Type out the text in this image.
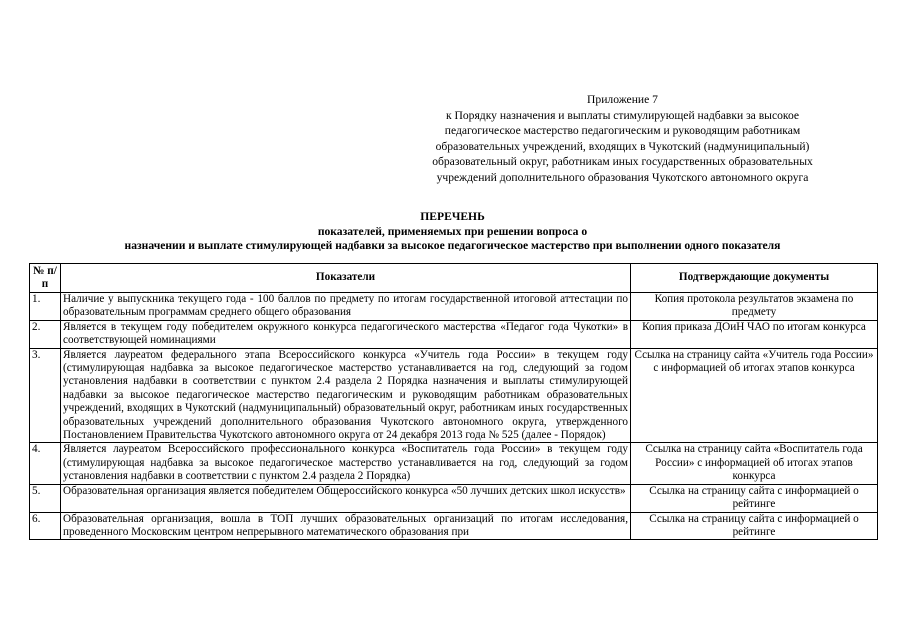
Приложение 7
к Порядку назначения и выплаты стимулирующей надбавки за высокое
педагогическое мастерство педагогическим и руководящим работникам
образовательных учреждений, входящих в Чукотский (надмуниципальный)
образовательный округ, работникам иных государственных образовательных
учреждений дополнительного образования Чукотского автономного округа
ПЕРЕЧЕНЬ
показателей, применяемых при решении вопроса о
назначении и выплате стимулирующей надбавки за высокое педагогическое мастерство при выполнении одного показателя
№ п/п	Показатели	Подтверждающие документы
1.	Наличие у выпускника текущего года - 100 баллов по предмету по итогам государственной итоговой аттестации по образовательным программам среднего общего образования	Копия протокола результатов экзамена по предмету
2.	Является в текущем году победителем окружного конкурса педагогического мастерства «Педагог года Чукотки» в соответствующей номинациями	Копия приказа ДОиН ЧАО по итогам конкурса
3.	Является лауреатом федерального этапа Всероссийского конкурса «Учитель года России» в текущем году (стимулирующая надбавка за высокое педагогическое мастерство устанавливается на год, следующий за годом установления надбавки в соответствии с пунктом 2.4 раздела 2 Порядка назначения и выплаты стимулирующей надбавки за высокое педагогическое мастерство педагогическим и руководящим работникам образовательных учреждений, входящих в Чукотский (надмуниципальный) образовательный округ, работникам иных государственных образовательных учреждений дополнительного образования Чукотского автономного округа, утвержденного Постановлением Правительства Чукотского автономного округа от 24 декабря 2013 года № 525 (далее - Порядок)	Ссылка на страницу сайта «Учитель года России» с информацией об итогах этапов конкурса
4.	Является лауреатом Всероссийского профессионального конкурса «Воспитатель года России» в текущем году (стимулирующая надбавка за высокое педагогическое мастерство устанавливается на год, следующий за годом установления надбавки в соответствии с пунктом 2.4 раздела 2 Порядка)	Ссылка на страницу сайта «Воспитатель года России» с информацией об итогах этапов конкурса
5.	Образовательная организация является победителем Общероссийского конкурса «50 лучших детских школ искусств»	Ссылка на страницу сайта с информацией о рейтинге
6.	Образовательная организация, вошла в ТОП лучших образовательных организаций по итогам исследования, проведенного Московским центром непрерывного математического образования при	Ссылка на страницу сайта с информацией о рейтинге
